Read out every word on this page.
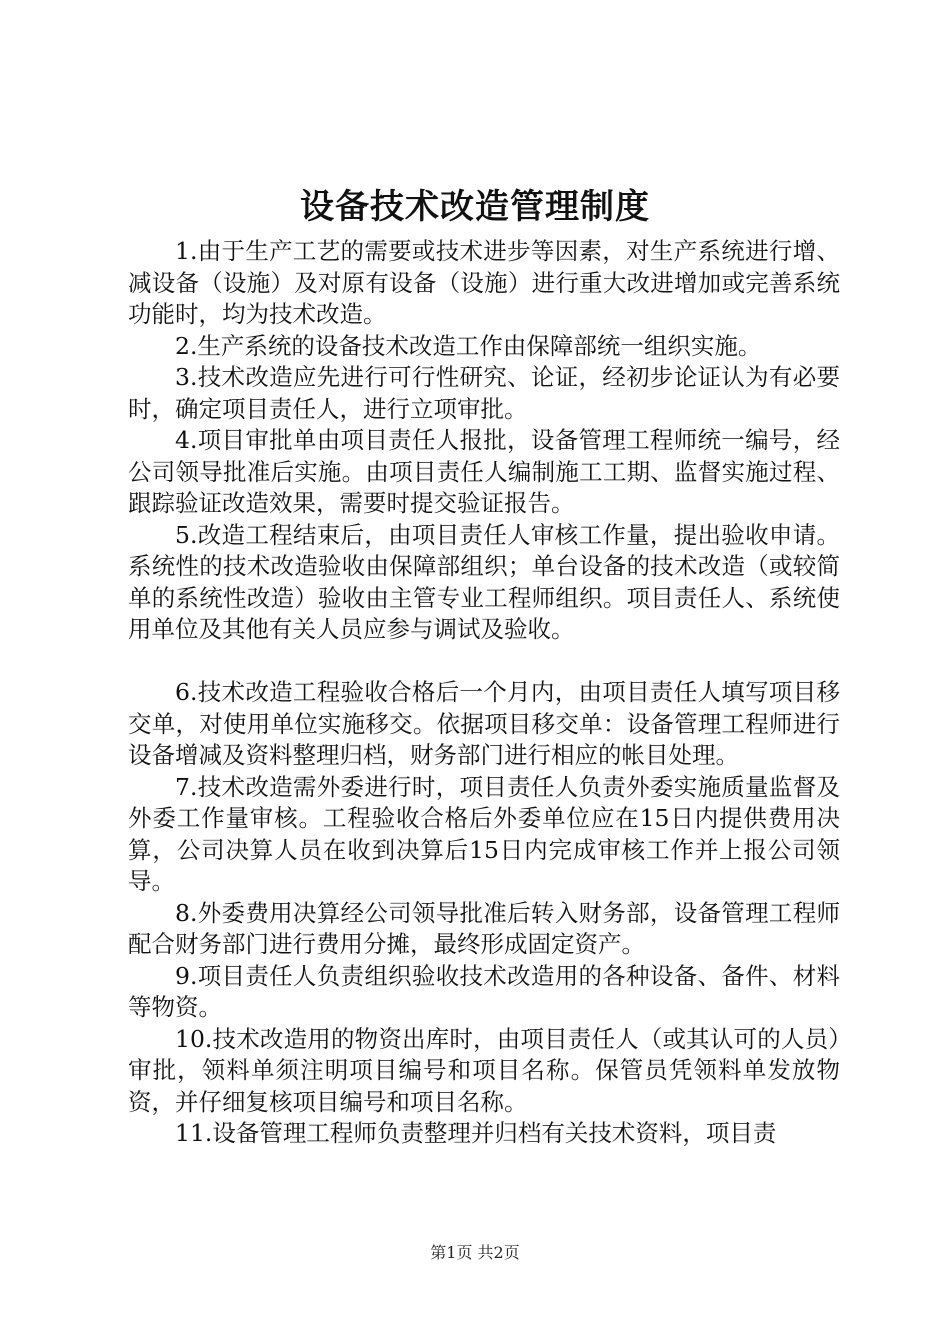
设备技术改造管理制度

1.由于生产工艺的需要或技术进步等因素，对生产系统进行增、减设备（设施）及对原有设备（设施）进行重大改进增加或完善系统功能时，均为技术改造。

2.生产系统的设备技术改造工作由保障部统一组织实施。

3.技术改造应先进行可行性研究、论证，经初步论证认为有必要时，确定项目责任人，进行立项审批。

4.项目审批单由项目责任人报批，设备管理工程师统一编号，经公司领导批准后实施。由项目责任人编制施工工期、监督实施过程、跟踪验证改造效果，需要时提交验证报告。

5.改造工程结束后，由项目责任人审核工作量，提出验收申请。系统性的技术改造验收由保障部组织；单台设备的技术改造（或较简单的系统性改造）验收由主管专业工程师组织。项目责任人、系统使用单位及其他有关人员应参与调试及验收。

6.技术改造工程验收合格后一个月内，由项目责任人填写项目移交单，对使用单位实施移交。依据项目移交单：设备管理工程师进行设备增减及资料整理归档，财务部门进行相应的帐目处理。

7.技术改造需外委进行时，项目责任人负责外委实施质量监督及外委工作量审核。工程验收合格后外委单位应在15日内提供费用决算，公司决算人员在收到决算后15日内完成审核工作并上报公司领导。

8.外委费用决算经公司领导批准后转入财务部，设备管理工程师配合财务部门进行费用分摊，最终形成固定资产。

9.项目责任人负责组织验收技术改造用的各种设备、备件、材料等物资。

10.技术改造用的物资出库时，由项目责任人（或其认可的人员）审批，领料单须注明项目编号和项目名称。保管员凭领料单发放物资，并仔细复核项目编号和项目名称。

11.设备管理工程师负责整理并归档有关技术资料，项目责

第1页 共2页
